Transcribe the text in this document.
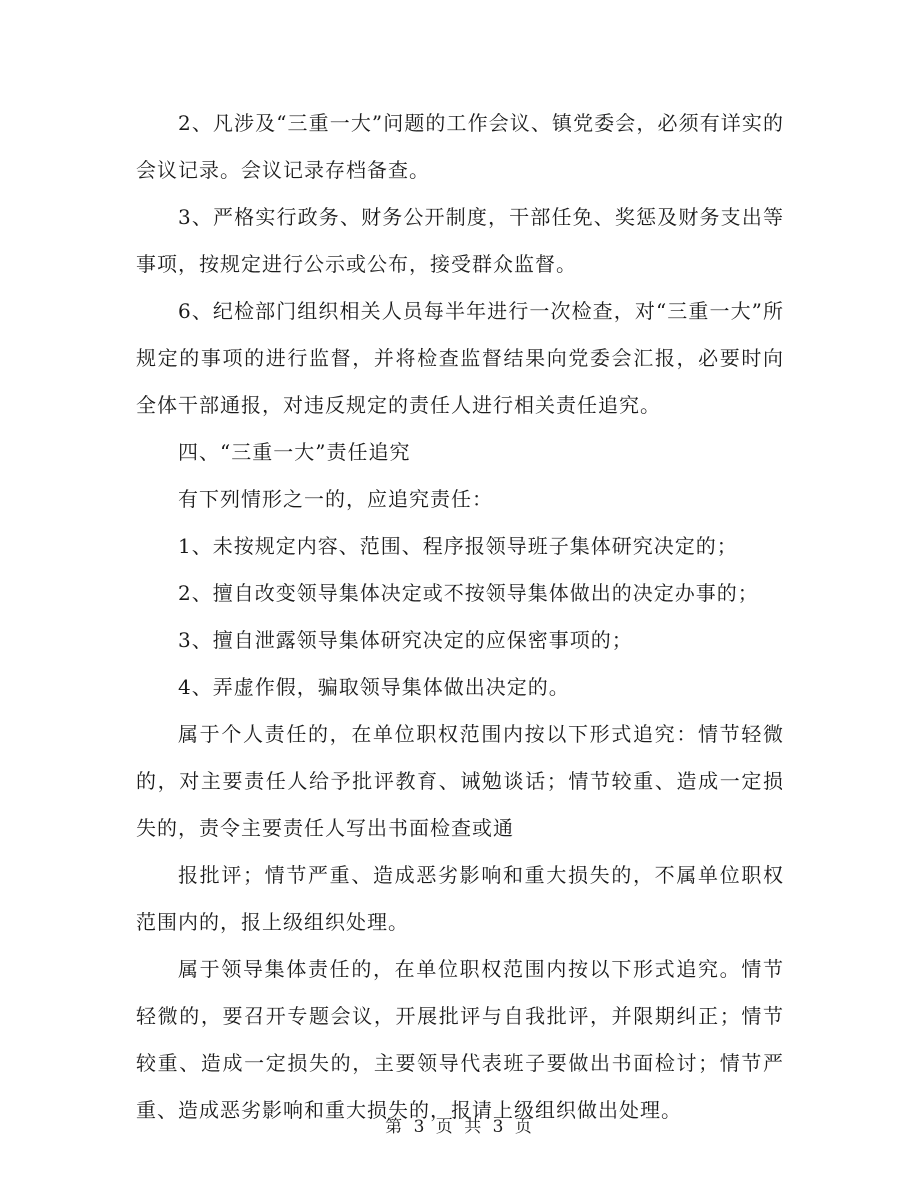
2、凡涉及“三重一大”问题的工作会议、镇党委会，必须有详实的会议记录。会议记录存档备查。

3、严格实行政务、财务公开制度，干部任免、奖惩及财务支出等事项，按规定进行公示或公布，接受群众监督。

6、纪检部门组织相关人员每半年进行一次检查，对“三重一大”所规定的事项的进行监督，并将检查监督结果向党委会汇报，必要时向全体干部通报，对违反规定的责任人进行相关责任追究。

四、“三重一大”责任追究

有下列情形之一的，应追究责任：

1、未按规定内容、范围、程序报领导班子集体研究决定的；

2、擅自改变领导集体决定或不按领导集体做出的决定办事的；

3、擅自泄露领导集体研究决定的应保密事项的；

4、弄虚作假，骗取领导集体做出决定的。

属于个人责任的，在单位职权范围内按以下形式追究：情节轻微的，对主要责任人给予批评教育、诫勉谈话；情节较重、造成一定损失的，责令主要责任人写出书面检查或通

报批评；情节严重、造成恶劣影响和重大损失的，不属单位职权范围内的，报上级组织处理。

属于领导集体责任的，在单位职权范围内按以下形式追究。情节轻微的，要召开专题会议，开展批评与自我批评，并限期纠正；情节较重、造成一定损失的，主要领导代表班子要做出书面检讨；情节严重、造成恶劣影响和重大损失的，报请上级组织做出处理。

第 3 页 共 3 页
